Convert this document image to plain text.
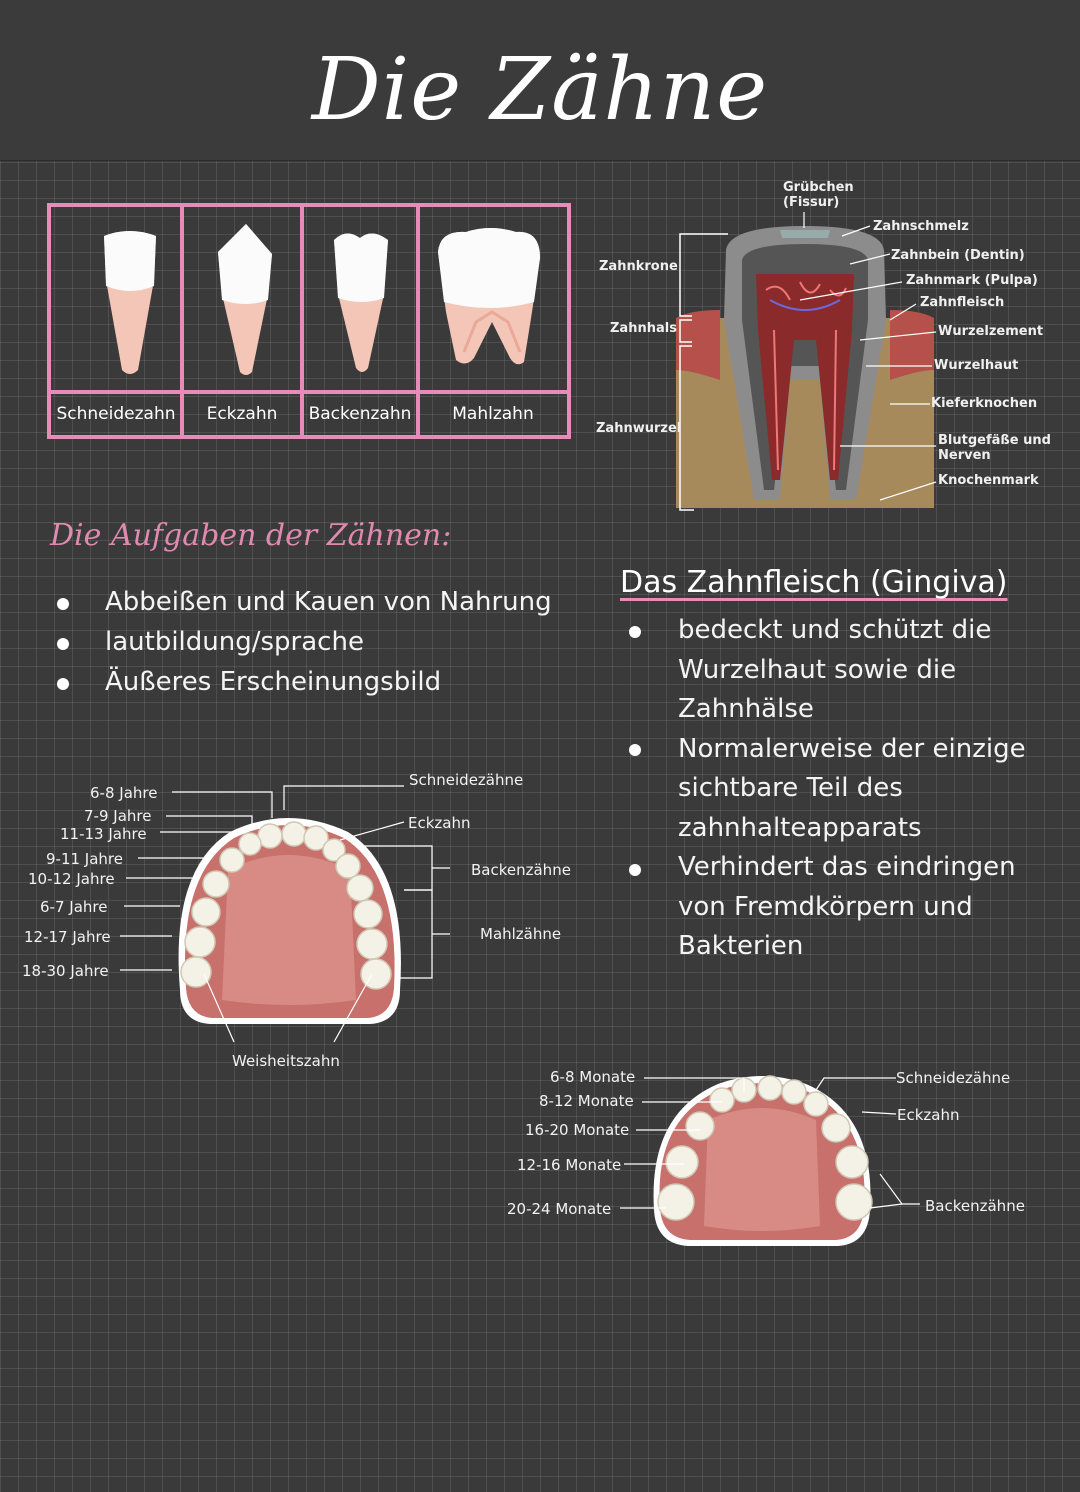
Die Zähne
Schneidezahn	Eckzahn	Backenzahn	Mahlzahn
Zahnkrone
Zahnhals
Zahnwurzel
Grübchen
(Fissur)
Zahnschmelz
Zahnbein (Dentin)
Zahnmark (Pulpa)
Zahnfleisch
Wurzelzement
Wurzelhaut
Kieferknochen
Blutgefäße und
Nerven
Knochenmark
Die Aufgaben der Zähnen:
Abbeißen und Kauen von Nahrung
lautbildung/sprache
Äußeres Erscheinungsbild
Das Zahnfleisch (Gingiva)
bedeckt und schützt die
Wurzelhaut sowie die
Zahnhälse
Normalerweise der einzige
sichtbare Teil des
zahnhalteapparats
Verhindert das eindringen
von Fremdkörpern und
Bakterien
6-8 Jahre
7-9 Jahre
11-13 Jahre
9-11 Jahre
10-12 Jahre
6-7 Jahre
12-17 Jahre
18-30 Jahre
Schneidezähne
Eckzahn
Backenzähne
Mahlzähne
Weisheitszahn
6-8 Monate
8-12 Monate
16-20 Monate
12-16 Monate
20-24 Monate
Schneidezähne
Eckzahn
Backenzähne
